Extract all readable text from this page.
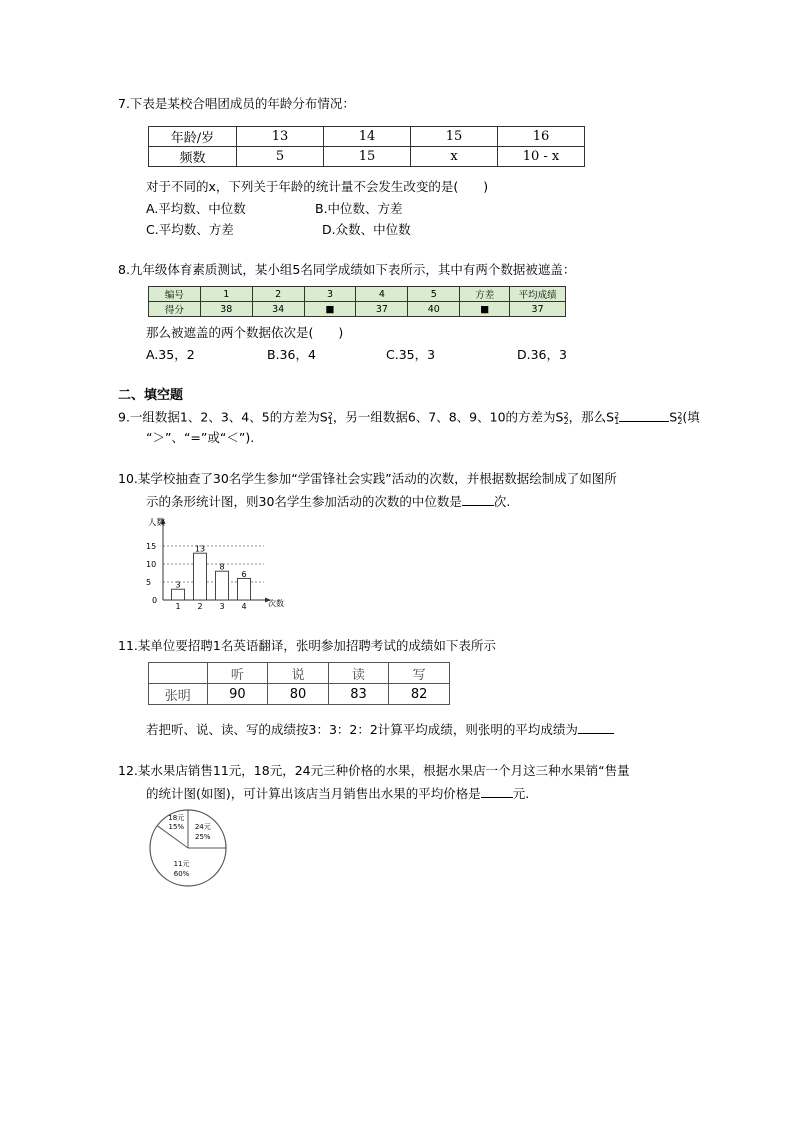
7.下表是某校合唱团成员的年龄分布情况：
年龄/岁	13	14	15	16
频数	5	15	x	10 - x
对于不同的x，下列关于年龄的统计量不会发生改变的是(　　)
A.平均数、中位数	B.中位数、方差
C.平均数、方差	D.众数、中位数
8.九年级体育素质测试，某小组5名同学成绩如下表所示，其中有两个数据被遮盖：
编号	1	2	3	4	5	方差	平均成绩
得分	38	34	■	37	40	■	37
那么被遮盖的两个数据依次是(　　)
A.35，2	B.36，4	C.35，3	D.36，3
二、填空题
9.一组数据1、2、3、4、5的方差为$S^2_1$，另一组数据6、7、8、9、10的方差为$S^2_2$，那么$S^2_1$	$S^2_2$(填
“＞”、“=”或“＜”).
10.某学校抽查了30名学生参加“学雷锋社会实践”活动的次数，并根据数据绘制成了如图所
示的条形统计图，则30名学生参加活动的次数的中位数是	次.
人数
次数
0
5
10
15
3
1
13
2
8
3
6
4
11.某单位要招聘1名英语翻译，张明参加招聘考试的成绩如下表所示
	听	说	读	写
张明	90	80	83	82
若把听、说、读、写的成绩按3：3：2：2计算平均成绩，则张明的平均成绩为
12.某水果店销售11元，18元，24元三种价格的水果，根据水果店一个月这三种水果销“售量
的统计图(如图)，可计算出该店当月销售出水果的平均价格是	元.
24元
25%
11元
60%
18元
15%
